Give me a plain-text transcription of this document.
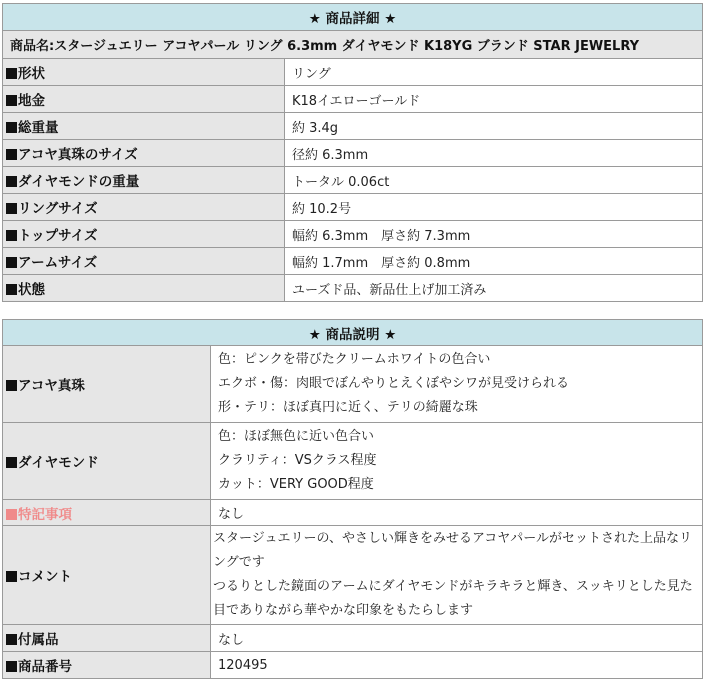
★ 商品詳細 ★	
商品名:スタージュエリー アコヤパール リング 6.3mm ダイヤモンド K18YG ブランド STAR JEWELRY	
形状	リング
地金	K18イエローゴールド
総重量	約 3.4g
アコヤ真珠のサイズ	径約 6.3mm
ダイヤモンドの重量	トータル 0.06ct
リングサイズ	約 10.2号
トップサイズ	幅約 6.3mm　厚さ約 7.3mm
アームサイズ	幅約 1.7mm　厚さ約 0.8mm
状態	ユーズド品、新品仕上げ加工済み
★ 商品説明 ★	
アコヤ真珠	色：ピンクを帯びたクリームホワイトの色合い
エクボ・傷：肉眼でぼんやりとえくぼやシワが見受けられる
形・テリ：ほぼ真円に近く、テリの綺麗な珠

ダイヤモンド	色：ほぼ無色に近い色合い
クラリティ：VSクラス程度
カット：VERY GOOD程度

特記事項	なし
コメント	スタージュエリーの、やさしい輝きをみせるアコヤパールがセットされた上品なリングです
つるりとした鏡面のアームにダイヤモンドがキラキラと輝き、スッキリとした見た目でありながら華やかな印象をもたらします

付属品	なし
商品番号	120495
